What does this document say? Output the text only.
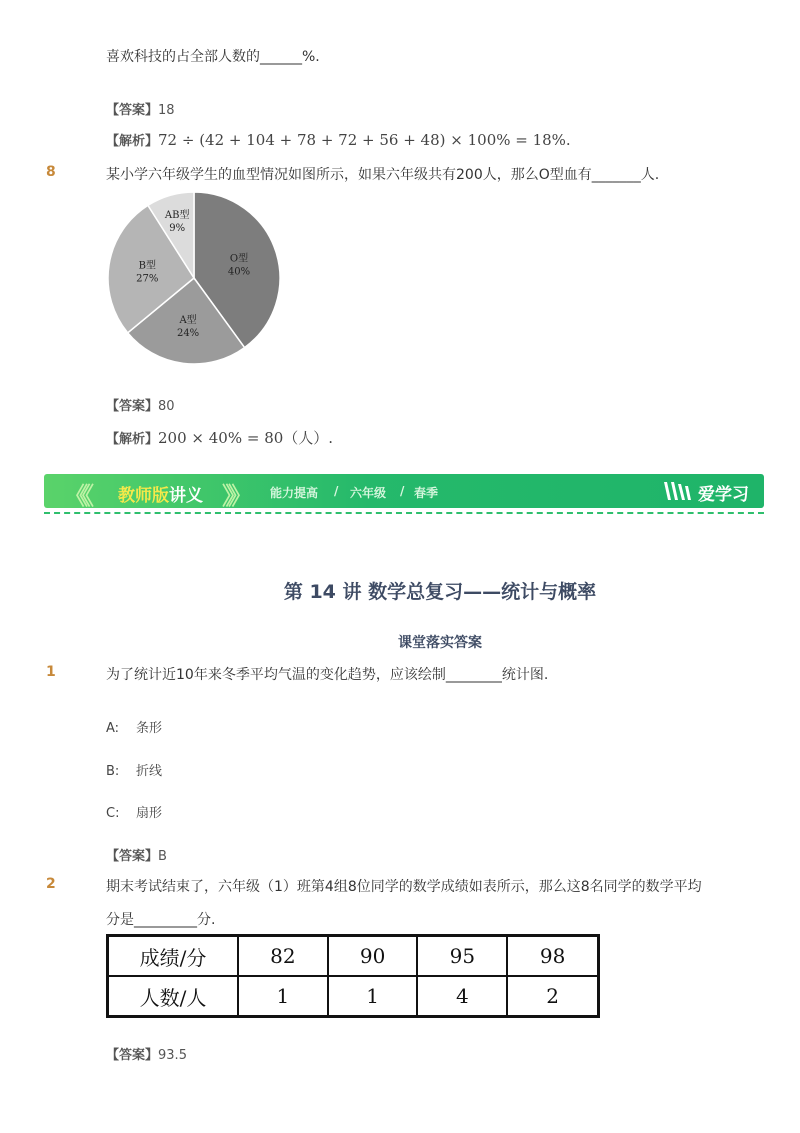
喜欢科技的占全部人数的______%.
【答案】18
【解析】72 ÷ (42 + 104 + 78 + 72 + 56 + 48) × 100% = 18%.
8	某小学六年级学生的血型情况如图所示，如果六年级共有200人，那么O型血有_______人.
O型
40%
A型
24%
B型
27%
AB型
9%
【答案】80
【解析】200 × 40% = 80（人）.
《《 教师版 讲义 》》 能力提高 / 六年级 / 春季	爱学习
第 14 讲 数学总复习——统计与概率
课堂落实答案
1	为了统计近10年来冬季平均气温的变化趋势，应该绘制________统计图.
A: 条形
B: 折线
C: 扇形
【答案】B
2	期末考试结束了，六年级（1）班第4组8位同学的数学成绩如表所示，那么这8名同学的数学平均
分是_________分.
成绩/分	82	90	95	98
人数/人	1	1	4	2
【答案】93.5
